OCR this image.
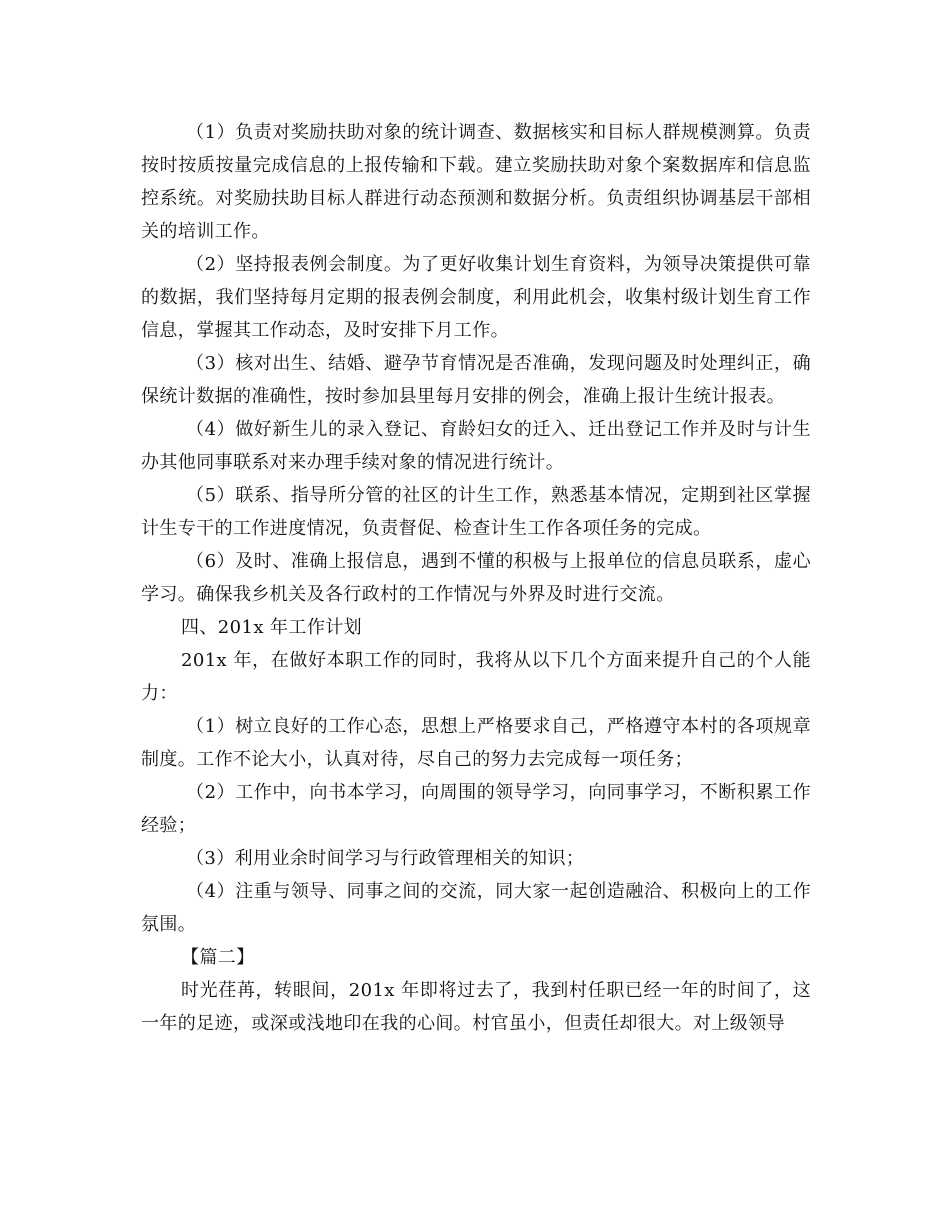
（1）负责对奖励扶助对象的统计调查、数据核实和目标人群规模测算。负责按时按质按量完成信息的上报传输和下载。建立奖励扶助对象个案数据库和信息监控系统。对奖励扶助目标人群进行动态预测和数据分析。负责组织协调基层干部相关的培训工作。

（2）坚持报表例会制度。为了更好收集计划生育资料，为领导决策提供可靠的数据，我们坚持每月定期的报表例会制度，利用此机会，收集村级计划生育工作信息，掌握其工作动态，及时安排下月工作。

（3）核对出生、结婚、避孕节育情况是否准确，发现问题及时处理纠正，确保统计数据的准确性，按时参加县里每月安排的例会，准确上报计生统计报表。

（4）做好新生儿的录入登记、育龄妇女的迁入、迁出登记工作并及时与计生办其他同事联系对来办理手续对象的情况进行统计。

（5）联系、指导所分管的社区的计生工作，熟悉基本情况，定期到社区掌握计生专干的工作进度情况，负责督促、检查计生工作各项任务的完成。

（6）及时、准确上报信息，遇到不懂的积极与上报单位的信息员联系，虚心学习。确保我乡机关及各行政村的工作情况与外界及时进行交流。

四、201x 年工作计划

201x 年，在做好本职工作的同时，我将从以下几个方面来提升自己的个人能力：

（1）树立良好的工作心态，思想上严格要求自己，严格遵守本村的各项规章制度。工作不论大小，认真对待，尽自己的努力去完成每一项任务；

（2）工作中，向书本学习，向周围的领导学习，向同事学习，不断积累工作经验；

（3）利用业余时间学习与行政管理相关的知识；

（4）注重与领导、同事之间的交流，同大家一起创造融洽、积极向上的工作氛围。

【篇二】

时光荏苒，转眼间，201x 年即将过去了，我到村任职已经一年的时间了，这一年的足迹，或深或浅地印在我的心间。村官虽小，但责任却很大。对上级领导
